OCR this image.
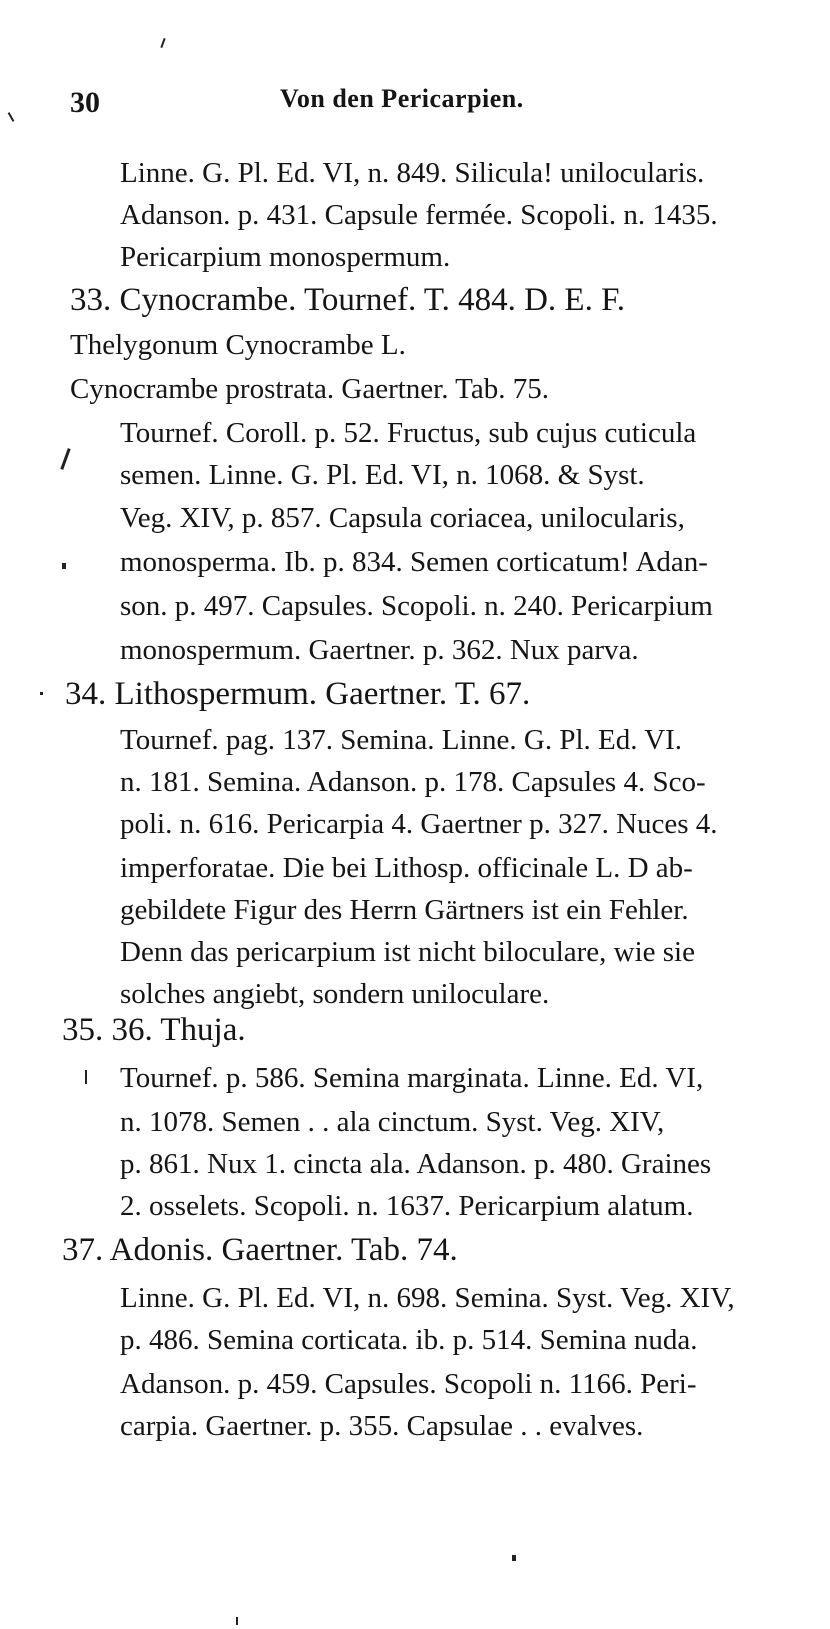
30	Von den Pericarpien.
Linne. G. Pl. Ed. VI, n. 849. Silicula! unilocularis.
Adanson. p. 431. Capsule fermée. Scopoli. n. 1435.
Pericarpium monospermum.
33. Cynocrambe. Tournef. T. 484. D. E. F.
Thelygonum Cynocrambe L.
Cynocrambe prostrata. Gaertner. Tab. 75.
Tournef. Coroll. p. 52. Fructus, sub cujus cuticula
semen. Linne. G. Pl. Ed. VI, n. 1068. & Syst.
Veg. XIV, p. 857. Capsula coriacea, unilocularis,
monosperma. Ib. p. 834. Semen corticatum! Adan-
son. p. 497. Capsules. Scopoli. n. 240. Pericarpium
monospermum. Gaertner. p. 362. Nux parva.
34. Lithospermum. Gaertner. T. 67.
Tournef. pag. 137. Semina. Linne. G. Pl. Ed. VI.
n. 181. Semina. Adanson. p. 178. Capsules 4. Sco-
poli. n. 616. Pericarpia 4. Gaertner p. 327. Nuces 4.
imperforatae. Die bei Lithosp. officinale L. D ab-
gebildete Figur des Herrn Gärtners ist ein Fehler.
Denn das pericarpium ist nicht biloculare, wie sie
solches angiebt, sondern uniloculare.
35. 36. Thuja.
Tournef. p. 586. Semina marginata. Linne. Ed. VI,
n. 1078. Semen . . ala cinctum. Syst. Veg. XIV,
p. 861. Nux 1. cincta ala. Adanson. p. 480. Graines
2. osselets. Scopoli. n. 1637. Pericarpium alatum.
37. Adonis. Gaertner. Tab. 74.
Linne. G. Pl. Ed. VI, n. 698. Semina. Syst. Veg. XIV,
p. 486. Semina corticata. ib. p. 514. Semina nuda.
Adanson. p. 459. Capsules. Scopoli n. 1166. Peri-
carpia. Gaertner. p. 355. Capsulae . . evalves.
